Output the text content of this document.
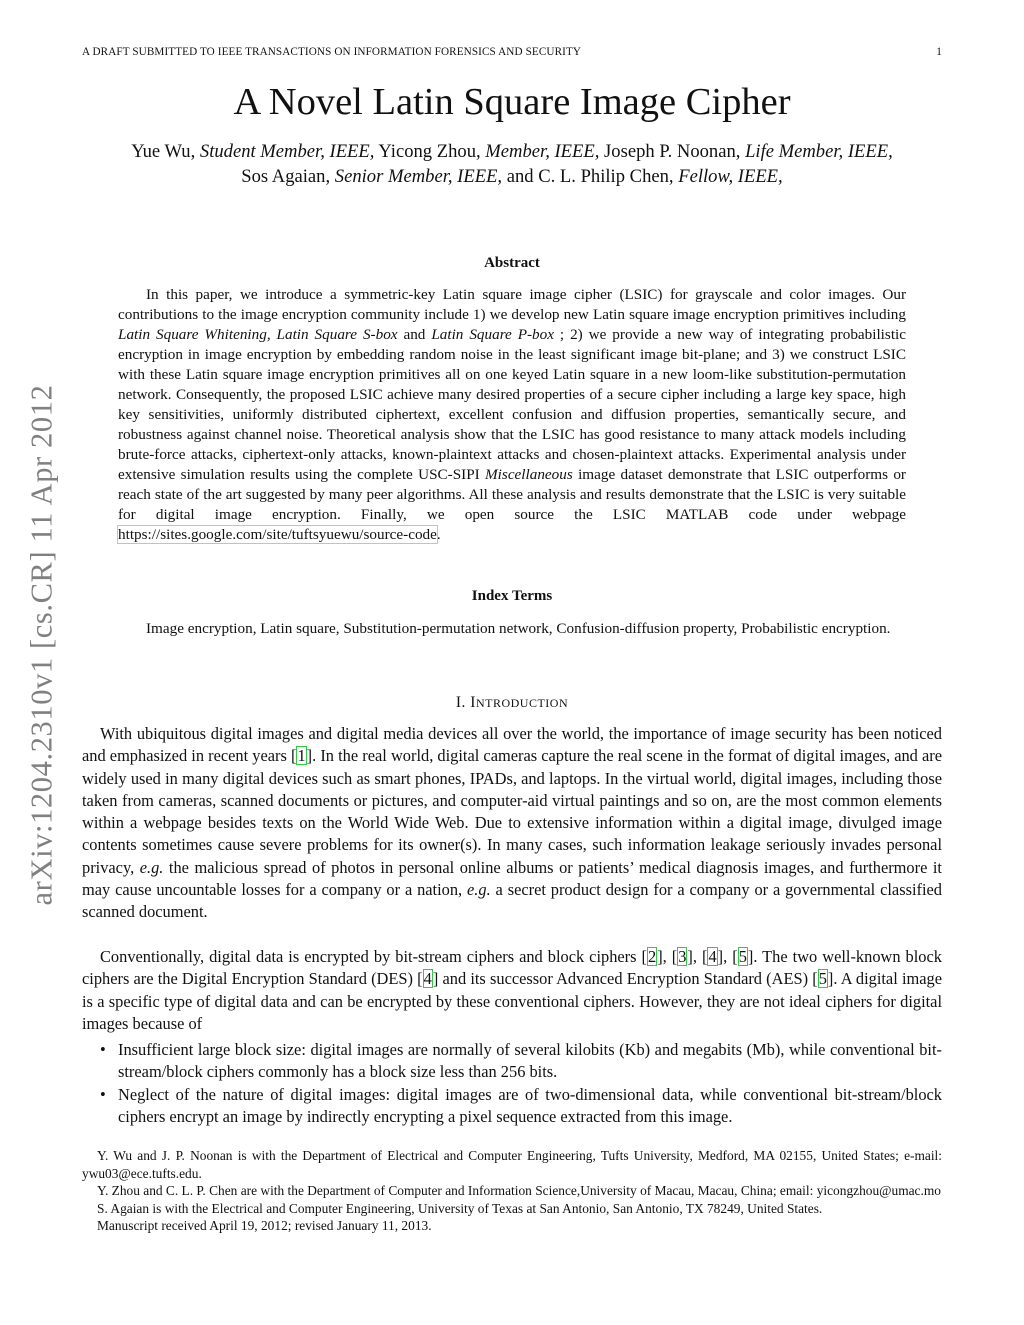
A DRAFT SUBMITTED TO IEEE TRANSACTIONS ON INFORMATION FORENSICS AND SECURITY	1
A Novel Latin Square Image Cipher
Yue Wu, Student Member, IEEE, Yicong Zhou, Member, IEEE, Joseph P. Noonan, Life Member, IEEE,
Sos Agaian, Senior Member, IEEE, and C. L. Philip Chen, Fellow, IEEE,
Abstract
In this paper, we introduce a symmetric-key Latin square image cipher (LSIC) for grayscale and color images. Our contributions to the image encryption community include 1) we develop new Latin square image encryption primitives including Latin Square Whitening, Latin Square S-box and Latin Square P-box ; 2) we provide a new way of integrating probabilistic encryption in image encryption by embedding random noise in the least significant image bit-plane; and 3) we construct LSIC with these Latin square image encryption primitives all on one keyed Latin square in a new loom-like substitution-permutation network. Consequently, the proposed LSIC achieve many desired properties of a secure cipher including a large key space, high key sensitivities, uniformly distributed ciphertext, excellent confusion and diffusion properties, semantically secure, and robustness against channel noise. Theoretical analysis show that the LSIC has good resistance to many attack models including brute-force attacks, ciphertext-only attacks, known-plaintext attacks and chosen-plaintext attacks. Experimental analysis under extensive simulation results using the complete USC-SIPI Miscellaneous image dataset demonstrate that LSIC outperforms or reach state of the art suggested by many peer algorithms. All these analysis and results demonstrate that the LSIC is very suitable for digital image encryption. Finally, we open source the LSIC MATLAB code under webpage https://sites.google.com/site/tuftsyuewu/source-code.
Index Terms
Image encryption, Latin square, Substitution-permutation network, Confusion-diffusion property, Probabilistic encryption.
I. INTRODUCTION
With ubiquitous digital images and digital media devices all over the world, the importance of image security has been noticed and emphasized in recent years [1]. In the real world, digital cameras capture the real scene in the format of digital images, and are widely used in many digital devices such as smart phones, IPADs, and laptops. In the virtual world, digital images, including those taken from cameras, scanned documents or pictures, and computer-aid virtual paintings and so on, are the most common elements within a webpage besides texts on the World Wide Web. Due to extensive information within a digital image, divulged image contents sometimes cause severe problems for its owner(s). In many cases, such information leakage seriously invades personal privacy, e.g. the malicious spread of photos in personal online albums or patients’ medical diagnosis images, and furthermore it may cause uncountable losses for a company or a nation, e.g. a secret product design for a company or a governmental classified scanned document.
Conventionally, digital data is encrypted by bit-stream ciphers and block ciphers [2], [3], [4], [5]. The two well-known block ciphers are the Digital Encryption Standard (DES) [4] and its successor Advanced Encryption Standard (AES) [5]. A digital image is a specific type of digital data and can be encrypted by these conventional ciphers. However, they are not ideal ciphers for digital images because of
• Insufficient large block size: digital images are normally of several kilobits (Kb) and megabits (Mb), while conventional bit-stream/block ciphers commonly has a block size less than 256 bits.
• Neglect of the nature of digital images: digital images are of two-dimensional data, while conventional bit-stream/block ciphers encrypt an image by indirectly encrypting a pixel sequence extracted from this image.

Y. Wu and J. P. Noonan is with the Department of Electrical and Computer Engineering, Tufts University, Medford, MA 02155, United States; e-mail: ywu03@ece.tufts.edu.

Y. Zhou and C. L. P. Chen are with the Department of Computer and Information Science,University of Macau, Macau, China; email: yicongzhou@umac.mo

S. Agaian is with the Electrical and Computer Engineering, University of Texas at San Antonio, San Antonio, TX 78249, United States.

Manuscript received April 19, 2012; revised January 11, 2013.

arXiv:1204.2310v1 [cs.CR] 11 Apr 2012
